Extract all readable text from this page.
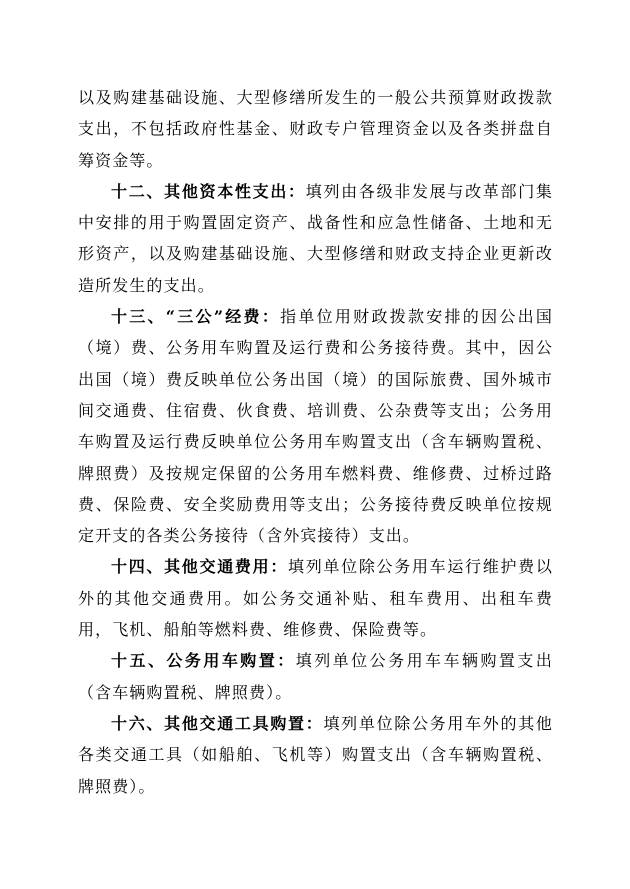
以及购建基础设施、大型修缮所发生的一般公共预算财政拨款支出，不包括政府性基金、财政专户管理资金以及各类拼盘自筹资金等。

十二、其他资本性支出：填列由各级非发展与改革部门集中安排的用于购置固定资产、战备性和应急性储备、土地和无形资产，以及购建基础设施、大型修缮和财政支持企业更新改造所发生的支出。

十三、“三公”经费：指单位用财政拨款安排的因公出国（境）费、公务用车购置及运行费和公务接待费。其中，因公出国（境）费反映单位公务出国（境）的国际旅费、国外城市间交通费、住宿费、伙食费、培训费、公杂费等支出；公务用车购置及运行费反映单位公务用车购置支出（含车辆购置税、牌照费）及按规定保留的公务用车燃料费、维修费、过桥过路费、保险费、安全奖励费用等支出；公务接待费反映单位按规定开支的各类公务接待（含外宾接待）支出。

十四、其他交通费用：填列单位除公务用车运行维护费以外的其他交通费用。如公务交通补贴、租车费用、出租车费用，飞机、船舶等燃料费、维修费、保险费等。

十五、公务用车购置：填列单位公务用车车辆购置支出（含车辆购置税、牌照费）。

十六、其他交通工具购置：填列单位除公务用车外的其他各类交通工具（如船舶、飞机等）购置支出（含车辆购置税、牌照费）。
